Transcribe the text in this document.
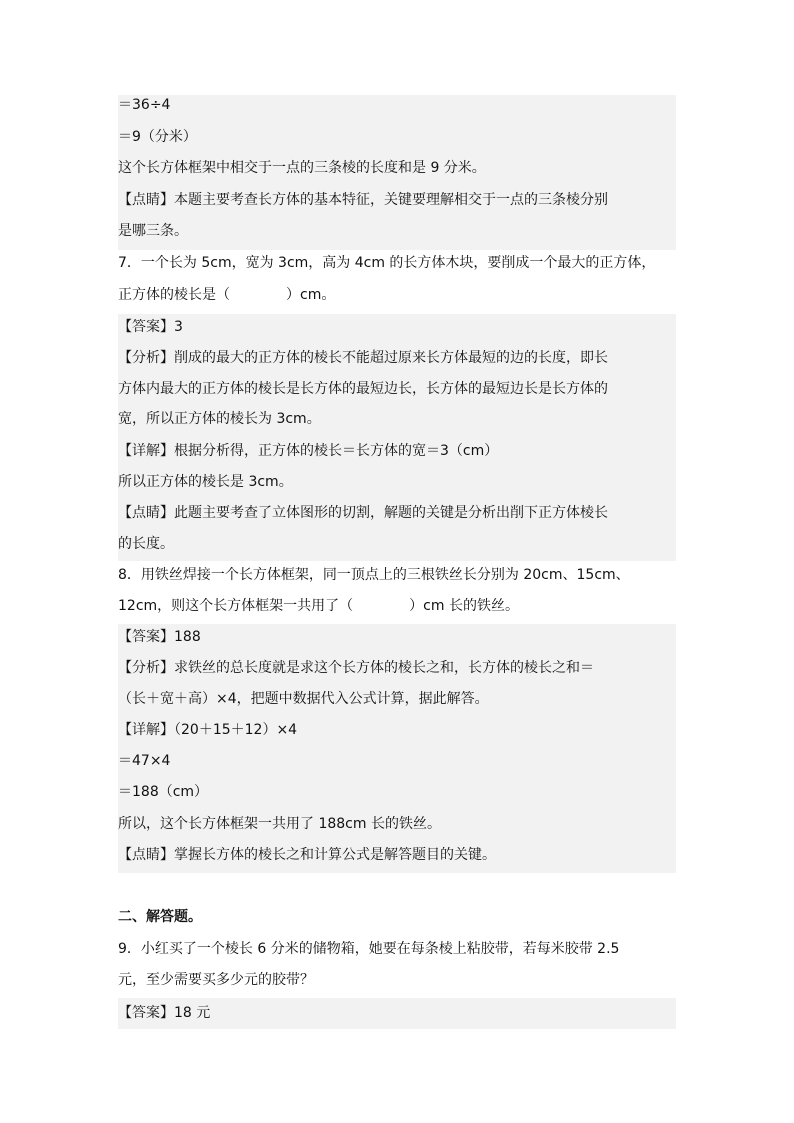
＝36÷4
＝9（分米）
这个长方体框架中相交于一点的三条棱的长度和是 9 分米。
【点睛】本题主要考查长方体的基本特征，关键要理解相交于一点的三条棱分别
是哪三条。
7．一个长为 5cm，宽为 3cm，高为 4cm 的长方体木块，要削成一个最大的正方体，
正方体的棱长是（	）cm。
【答案】3
【分析】削成的最大的正方体的棱长不能超过原来长方体最短的边的长度，即长
方体内最大的正方体的棱长是长方体的最短边长，长方体的最短边长是长方体的
宽，所以正方体的棱长为 3cm。
【详解】根据分析得，正方体的棱长＝长方体的宽＝3（cm）
所以正方体的棱长是 3cm。
【点睛】此题主要考查了立体图形的切割，解题的关键是分析出削下正方体棱长
的长度。
8．用铁丝焊接一个长方体框架，同一顶点上的三根铁丝长分别为 20cm、15cm、
12cm，则这个长方体框架一共用了（	）cm 长的铁丝。
【答案】188
【分析】求铁丝的总长度就是求这个长方体的棱长之和，长方体的棱长之和＝
（长＋宽＋高）×4，把题中数据代入公式计算，据此解答。
【详解】（20＋15＋12）×4
＝47×4
＝188（cm）
所以，这个长方体框架一共用了 188cm 长的铁丝。
【点睛】掌握长方体的棱长之和计算公式是解答题目的关键。
二、解答题。
9．小红买了一个棱长 6 分米的储物箱，她要在每条棱上粘胶带，若每米胶带 2.5
元，至少需要买多少元的胶带？
【答案】18 元
